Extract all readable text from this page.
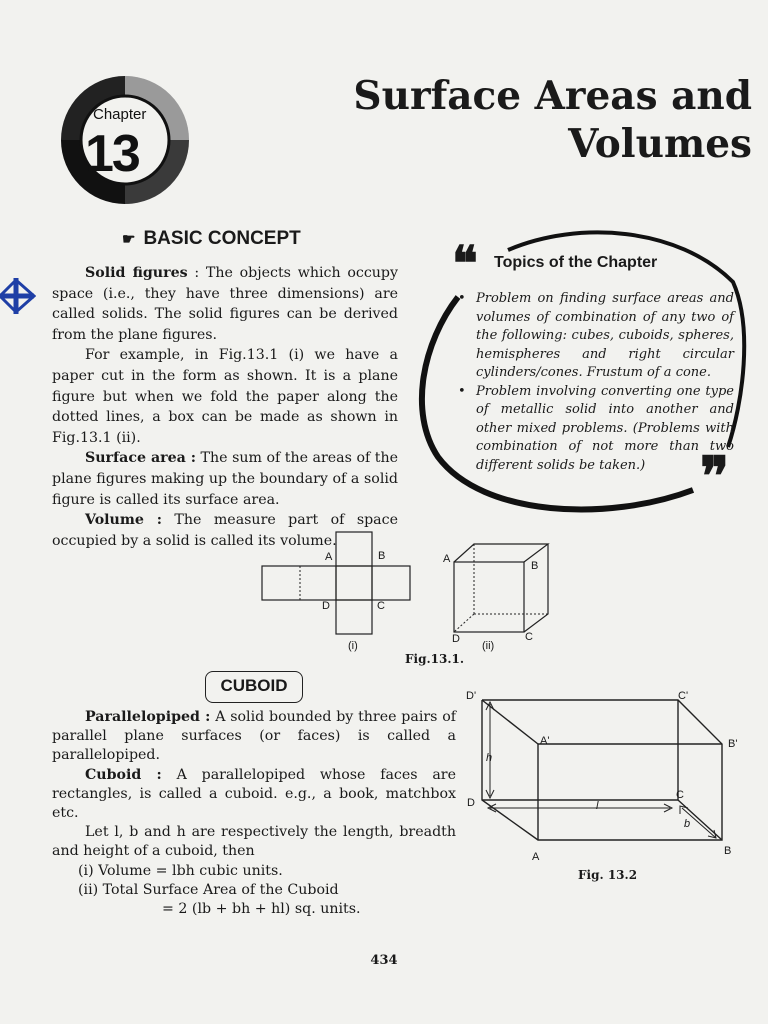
Chapter
13
Surface Areas and
Volumes
☛ BASIC CONCEPT

Solid figures : The objects which occupy space (i.e., they have three dimensions) are called solids. The solid figures can be derived from the plane figures.

For example, in Fig.13.1 (i) we have a paper cut in the form as shown. It is a plane figure but when we fold the paper along the dotted lines, a box can be made as shown in Fig.13.1 (ii).

Surface area : The sum of the areas of the plane figures making up the boundary of a solid figure is called its surface area.

Volume : The measure part of space occupied by a solid is called its volume.

❝ Topics of the Chapter
• Problem on finding surface areas and volumes of combination of any two of the following: cubes, cuboids, spheres, hemispheres and right circular cylinders/cones. Frustum of a cone.
• Problem involving converting one type of metallic solid into another and other mixed problems. (Problems with combination of not more than two different solids be taken.)	❞
A	B
D	C
(i)
A
B
D	C
(ii)
Fig.13.1.
CUBOID

Parallelopiped : A solid bounded by three pairs of parallel plane surfaces (or faces) is called a parallelopiped.

Cuboid : A parallelopiped whose faces are rectangles, is called a cuboid. e.g., a book, matchbox etc.

Let l, b and h are respectively the length, breadth and height of a cuboid, then

(i) Volume = lbh cubic units.

(ii) Total Surface Area of the Cuboid

= 2 (lb + bh + hl) sq. units.

D'	C'
A'	B'
D
C
A	B
h
l
b
Fig. 13.2
434
